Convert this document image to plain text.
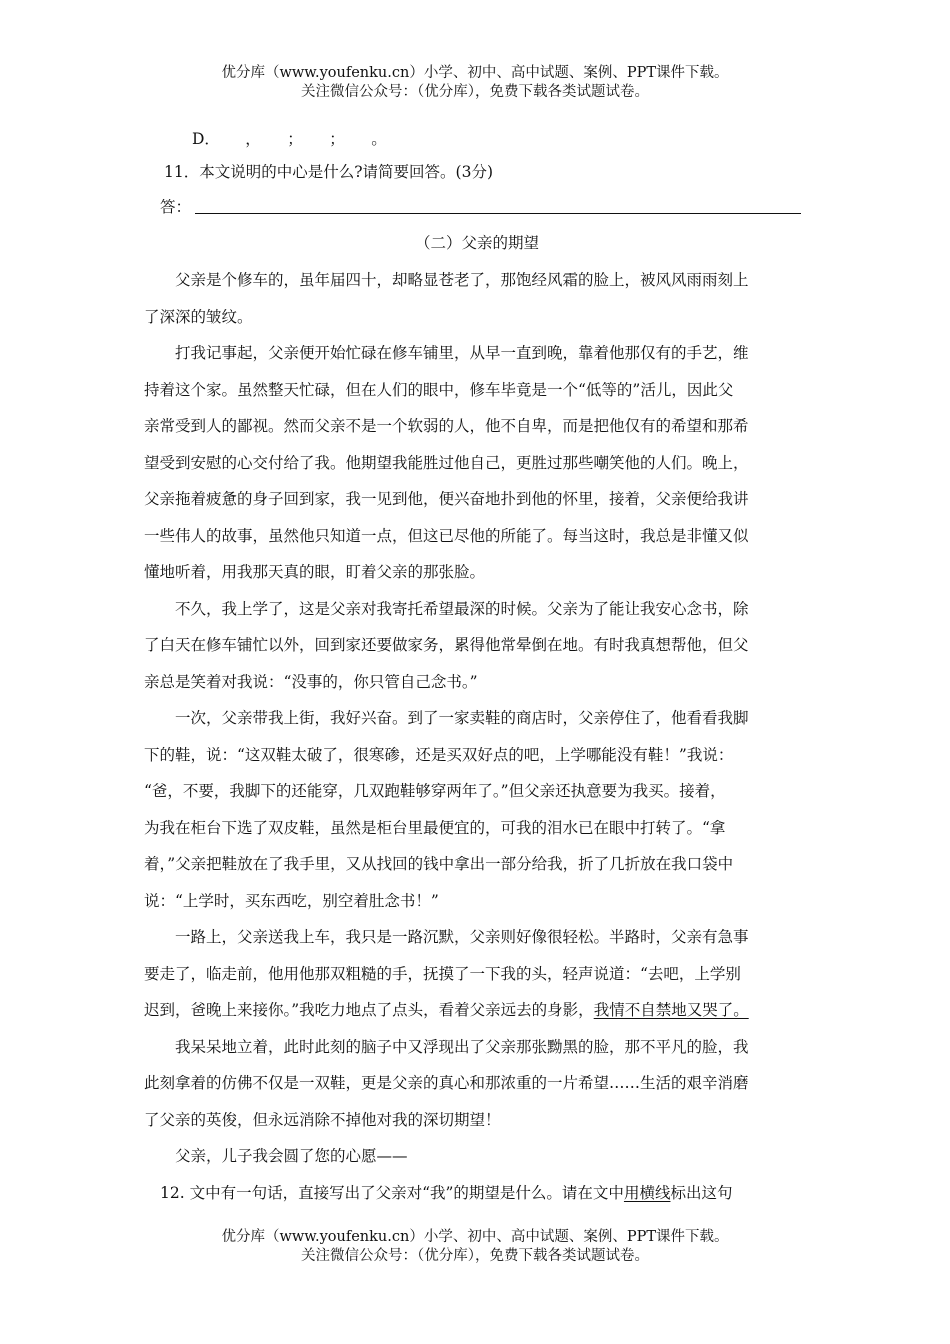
优分库（www.youfenku.cn）小学、初中、高中试题、案例、PPT课件下载。
关注微信公众号：（优分库），免费下载各类试题试卷。
D． ， ； ； 。
11．本文说明的中心是什么?请简要回答。(3分)
答：
（二）父亲的期望
父亲是个修车的，虽年届四十，却略显苍老了，那饱经风霜的脸上，被风风雨雨刻上
了深深的皱纹。
打我记事起，父亲便开始忙碌在修车铺里，从早一直到晚，靠着他那仅有的手艺，维
持着这个家。虽然整天忙碌，但在人们的眼中，修车毕竟是一个“低等的”活儿，因此父
亲常受到人的鄙视。然而父亲不是一个软弱的人，他不自卑，而是把他仅有的希望和那希
望受到安慰的心交付给了我。他期望我能胜过他自己，更胜过那些嘲笑他的人们。晚上，
父亲拖着疲惫的身子回到家，我一见到他，便兴奋地扑到他的怀里，接着，父亲便给我讲
一些伟人的故事，虽然他只知道一点，但这已尽他的所能了。每当这时，我总是非懂又似
懂地听着，用我那天真的眼，盯着父亲的那张脸。
不久，我上学了，这是父亲对我寄托希望最深的时候。父亲为了能让我安心念书，除
了白天在修车铺忙以外，回到家还要做家务，累得他常晕倒在地。有时我真想帮他，但父
亲总是笑着对我说：“没事的，你只管自己念书。”
一次，父亲带我上街，我好兴奋。到了一家卖鞋的商店时，父亲停住了，他看看我脚
下的鞋，说：“这双鞋太破了，很寒碜，还是买双好点的吧，上学哪能没有鞋！”我说：
“爸，不要，我脚下的还能穿，几双跑鞋够穿两年了。”但父亲还执意要为我买。接着，
为我在柜台下选了双皮鞋，虽然是柜台里最便宜的，可我的泪水已在眼中打转了。“拿
着，”父亲把鞋放在了我手里，又从找回的钱中拿出一部分给我，折了几折放在我口袋中
说：“上学时，买东西吃，别空着肚念书！”
一路上，父亲送我上车，我只是一路沉默，父亲则好像很轻松。半路时，父亲有急事
要走了，临走前，他用他那双粗糙的手，抚摸了一下我的头，轻声说道：“去吧，上学别
迟到，爸晚上来接你。”我吃力地点了点头，看着父亲远去的身影，我情不自禁地又哭了。
我呆呆地立着，此时此刻的脑子中又浮现出了父亲那张黝黑的脸，那不平凡的脸，我
此刻拿着的仿佛不仅是一双鞋，更是父亲的真心和那浓重的一片希望……生活的艰辛消磨
了父亲的英俊，但永远消除不掉他对我的深切期望！
父亲，儿子我会圆了您的心愿——
12. 文中有一句话，直接写出了父亲对“我”的期望是什么。请在文中用横线标出这句
优分库（www.youfenku.cn）小学、初中、高中试题、案例、PPT课件下载。
关注微信公众号：（优分库），免费下载各类试题试卷。
